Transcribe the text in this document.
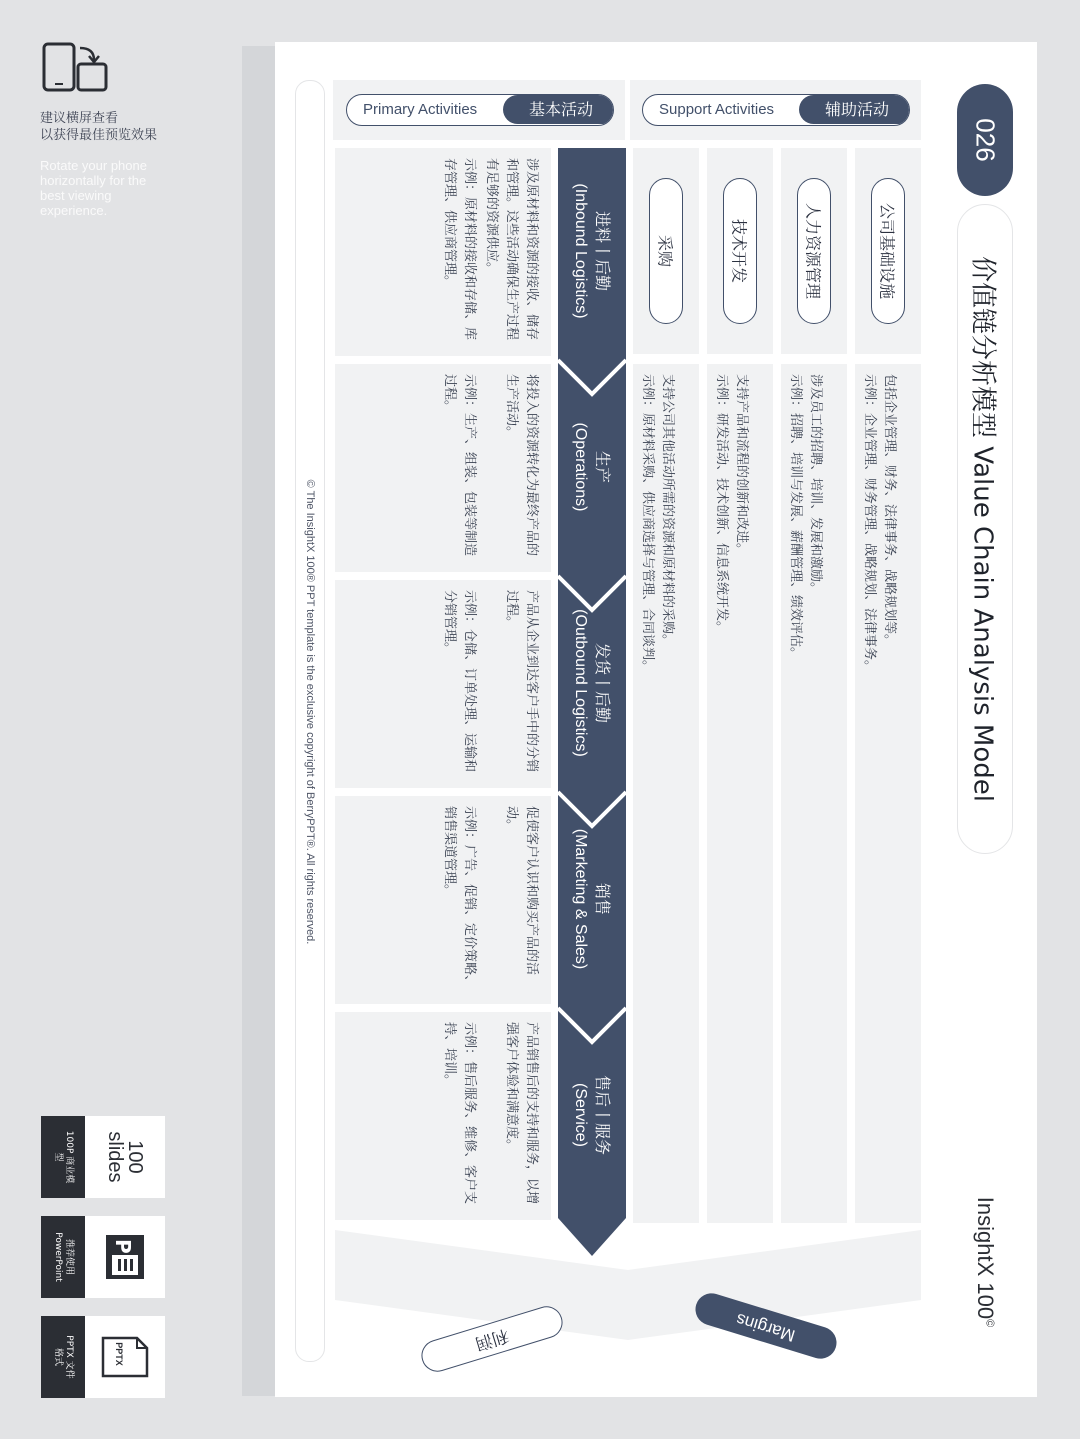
建议横屏查看
以获得最佳预览效果
Rotate your phone horizontally for the best viewing experience.
100P 商业模型	100 slides
推荐使用 PowerPoint	P
PPTX 文件格式	PPTX
Support Activities	辅助活动
Primary Activities	基本活动
026
价值链分析模型 Value Chain Analysis Model
InsightX 100©
© The InsightX 100® PPT template is the exclusive copyright of BerryPPT®. All rights reserved.
公司基础设施
包括企业管理、财务、法律事务、战略规划等。
示例：企业管理、财务管理、战略规划、法律事务。
人力资源管理
涉及员工的招聘、培训、发展和激励。
示例：招聘、培训与发展、薪酬管理、绩效评估。
技术开发
支持产品和流程的创新和改进。
示例：研发活动、技术创新、信息系统开发。
采购
支持公司其他活动所需的资源和原材料的采购。
示例：原材料采购、供应商选择与管理、合同谈判。
Margins
利润
进料丨后勤
(Inbound Logistics)
涉及原材料和资源的接收、储存和管理。这些活动确保生产过程有足够的资源供应。
示例：原材料的接收和存储、库存管理、供应商管理。
生产
(Operations)
将投入的资源转化为最终产品的生产活动。
示例：生产、组装、包装等制造过程。
发货丨后勤
(Outbound Logistics)
产品从企业到达客户手中的分销过程。
示例：仓储、订单处理、运输和分销管理。
销售
(Marketing & Sales)
促使客户认识和购买产品的活动。
示例：广告、促销、定价策略、销售渠道管理。
售后丨服务
(Service)
产品销售后的支持和服务，以增强客户体验和满意度。
示例：售后服务、维修、客户支持、培训。
